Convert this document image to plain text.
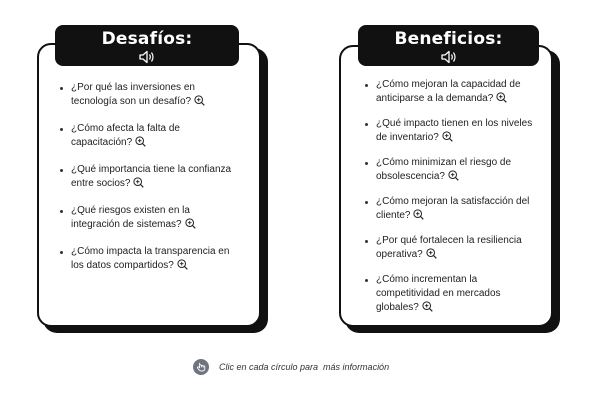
Desafíos:
¿Por qué las inversiones en
tecnología son un desafío?
¿Cómo afecta la falta de
capacitación?
¿Qué importancia tiene la confianza
entre socios?
¿Qué riesgos existen en la
integración de sistemas?
¿Cómo impacta la transparencia en
los datos compartidos?
Beneficios:
¿Cómo mejoran la capacidad de
anticiparse a la demanda?
¿Qué impacto tienen en los niveles
de inventario?
¿Cómo minimizan el riesgo de
obsolescencia?
¿Cómo mejoran la satisfacción del
cliente?
¿Por qué fortalecen la resiliencia
operativa?
¿Cómo incrementan la
competitividad en mercados
globales?
Clic en cada círculo para  más información
